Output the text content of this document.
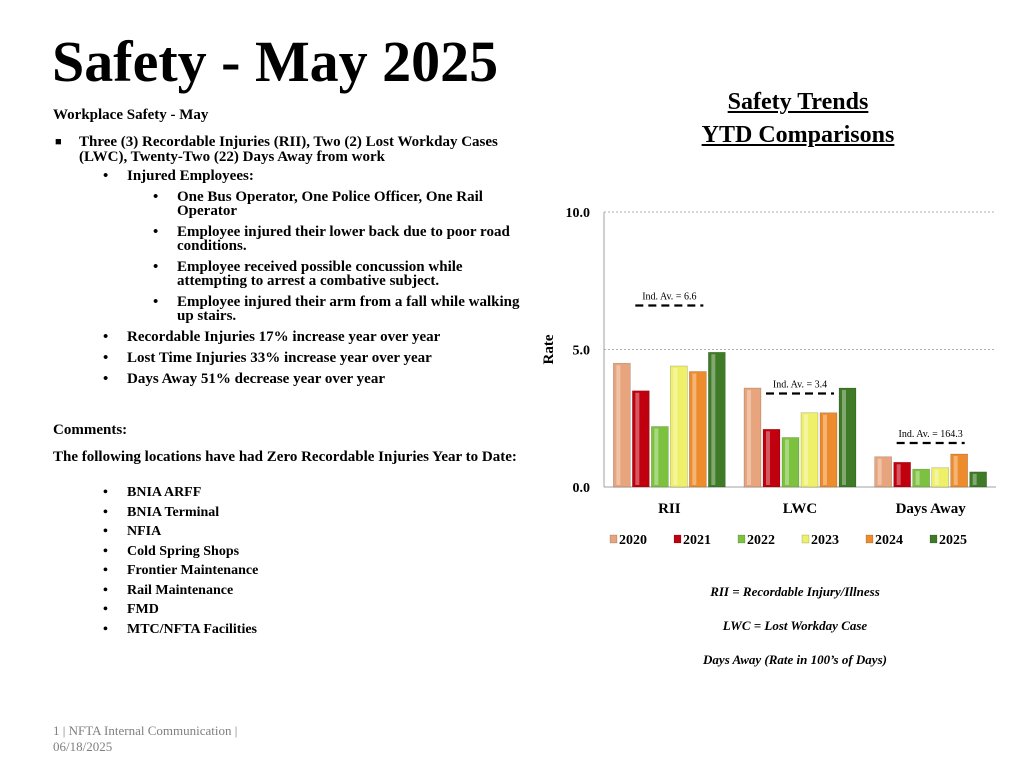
Safety - May 2025
Workplace Safety - May
■ Three (3) Recordable Injuries (RII), Two (2) Lost Workday Cases (LWC), Twenty-Two (22) Days Away from work
• Injured Employees:
• One Bus Operator, One Police Officer, One Rail Operator
• Employee injured their lower back due to poor road conditions.
• Employee received possible concussion while attempting to arrest a combative subject.
• Employee injured their arm from a fall while walking up stairs.
• Recordable Injuries 17% increase year over year
• Lost Time Injuries 33% increase year over year
• Days Away 51% decrease year over year
Comments:
The following locations have had Zero Recordable Injuries Year to Date:
• BNIA ARFF
• BNIA Terminal
• NFIA
• Cold Spring Shops
• Frontier Maintenance
• Rail Maintenance
• FMD
• MTC/NFTA Facilities
1 | NFTA Internal Communication |
06/18/2025
Safety Trends
YTD Comparisons
0.0
5.0
10.0
Rate
RII	LWC	Days Away
Ind. Av. = 6.6
Ind. Av. = 3.4
Ind. Av. = 164.3
2020	2021	2022	2023	2024	2025
RII = Recordable Injury/Illness
LWC = Lost Workday Case
Days Away (Rate in 100’s of Days)
